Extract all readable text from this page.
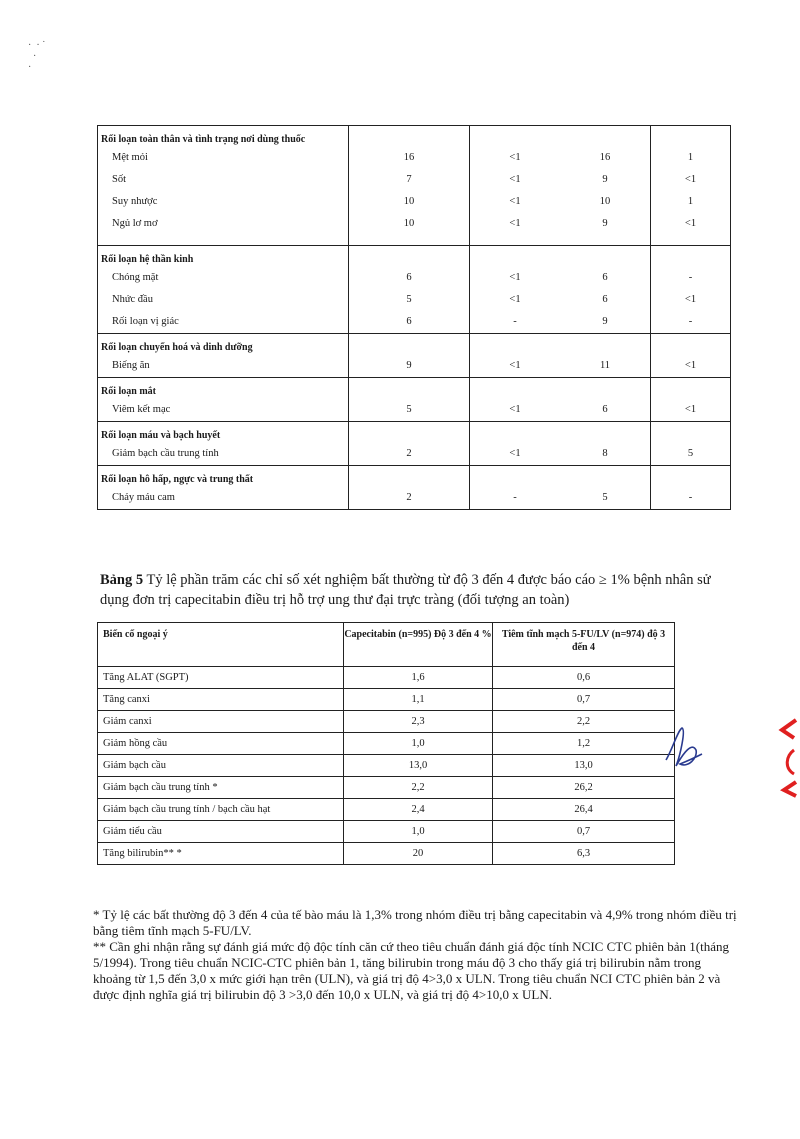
·  · ˙
·
·
Rối loạn toàn thân và tình trạng nơi dùng thuốc				
Mệt mỏi	16	<1	16	1
Sốt	7	<1	9	<1
Suy nhược	10	<1	10	1
Ngủ lơ mơ	10	<1	9	<1

Rối loạn hệ thần kinh				
Chóng mặt	6	<1	6	-
Nhức đầu	5	<1	6	<1
Rối loạn vị giác	6	-	9	-
Rối loạn chuyển hoá và dinh dưỡng				
Biếng ăn	9	<1	11	<1
Rối loạn mắt				
Viêm kết mạc	5	<1	6	<1
Rối loạn máu và bạch huyết				
Giảm bạch cầu trung tính	2	<1	8	5
Rối loạn hô hấp, ngực và trung thất				
Chảy máu cam	2	-	5	-
Bảng 5 Tỷ lệ phần trăm các chỉ số xét nghiệm bất thường từ độ 3 đến 4 được báo cáo ≥ 1% bệnh nhân sử dụng đơn trị capecitabin điều trị hỗ trợ ung thư đại trực tràng (đối tượng an toàn)
Biến cố ngoại ý	Capecitabin (n=995) Độ 3 đến 4 %	Tiêm tĩnh mạch 5-FU/LV (n=974) độ 3 đến 4
Tăng ALAT (SGPT)	1,6	0,6
Tăng canxi	1,1	0,7
Giảm canxi	2,3	2,2
Giảm hồng cầu	1,0	1,2
Giảm bạch cầu	13,0	13,0
Giảm bạch cầu trung tính *	2,2	26,2
Giảm bạch cầu trung tính / bạch cầu hạt	2,4	26,4
Giảm tiểu cầu	1,0	0,7
Tăng bilirubin** *	20	6,3

* Tỷ lệ các bất thường độ 3 đến 4 của tế bào máu là 1,3% trong nhóm điều trị bằng capecitabin và 4,9% trong nhóm điều trị bằng tiêm tĩnh mạch 5-FU/LV.

** Cần ghi nhận rằng sự đánh giá mức độ độc tính căn cứ theo tiêu chuẩn đánh giá độc tính NCIC CTC phiên bản 1(tháng 5/1994). Trong tiêu chuẩn NCIC-CTC phiên bản 1, tăng bilirubin trong máu độ 3 cho thấy giá trị bilirubin nằm trong khoảng từ 1,5 đến 3,0 x mức giới hạn trên (ULN), và giá trị độ 4>3,0 x ULN. Trong tiêu chuẩn NCI CTC phiên bản 2 và được định nghĩa giá trị bilirubin độ 3 >3,0 đến 10,0 x ULN, và giá trị độ 4>10,0 x ULN.
